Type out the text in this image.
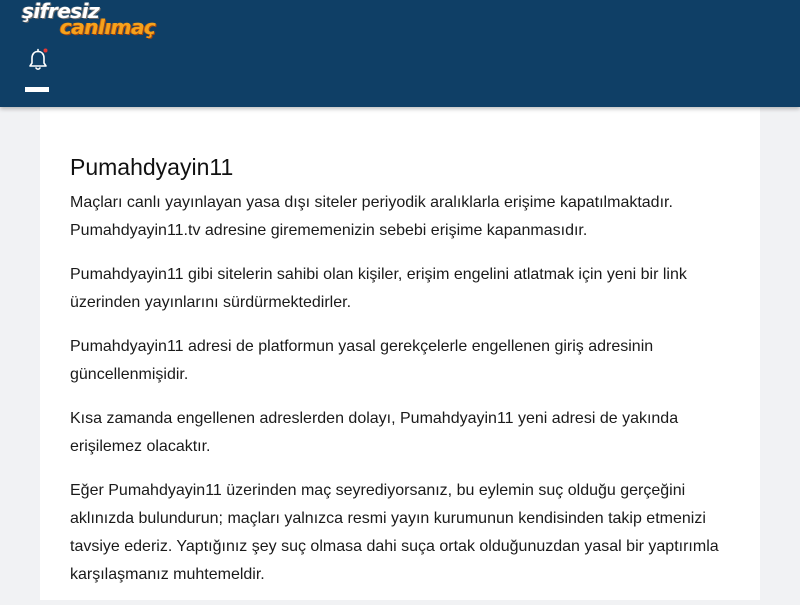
şifresiz
canlımaç
Pumahdyayin11

Maçları canlı yayınlayan yasa dışı siteler periyodik aralıklarla erişime kapatılmaktadır. Pumahdyayin11.tv adresine girememenizin sebebi erişime kapanmasıdır.

Pumahdyayin11 gibi sitelerin sahibi olan kişiler, erişim engelini atlatmak için yeni bir link üzerinden yayınlarını sürdürmektedirler.

Pumahdyayin11 adresi de platformun yasal gerekçelerle engellenen giriş adresinin güncellenmişidir.

Kısa zamanda engellenen adreslerden dolayı, Pumahdyayin11 yeni adresi de yakında erişilemez olacaktır.

Eğer Pumahdyayin11 üzerinden maç seyrediyorsanız, bu eylemin suç olduğu gerçeğini aklınızda bulundurun; maçları yalnızca resmi yayın kurumunun kendisinden takip etmenizi tavsiye ederiz. Yaptığınız şey suç olmasa dahi suça ortak olduğunuzdan yasal bir yaptırımla karşılaşmanız muhtemeldir.
